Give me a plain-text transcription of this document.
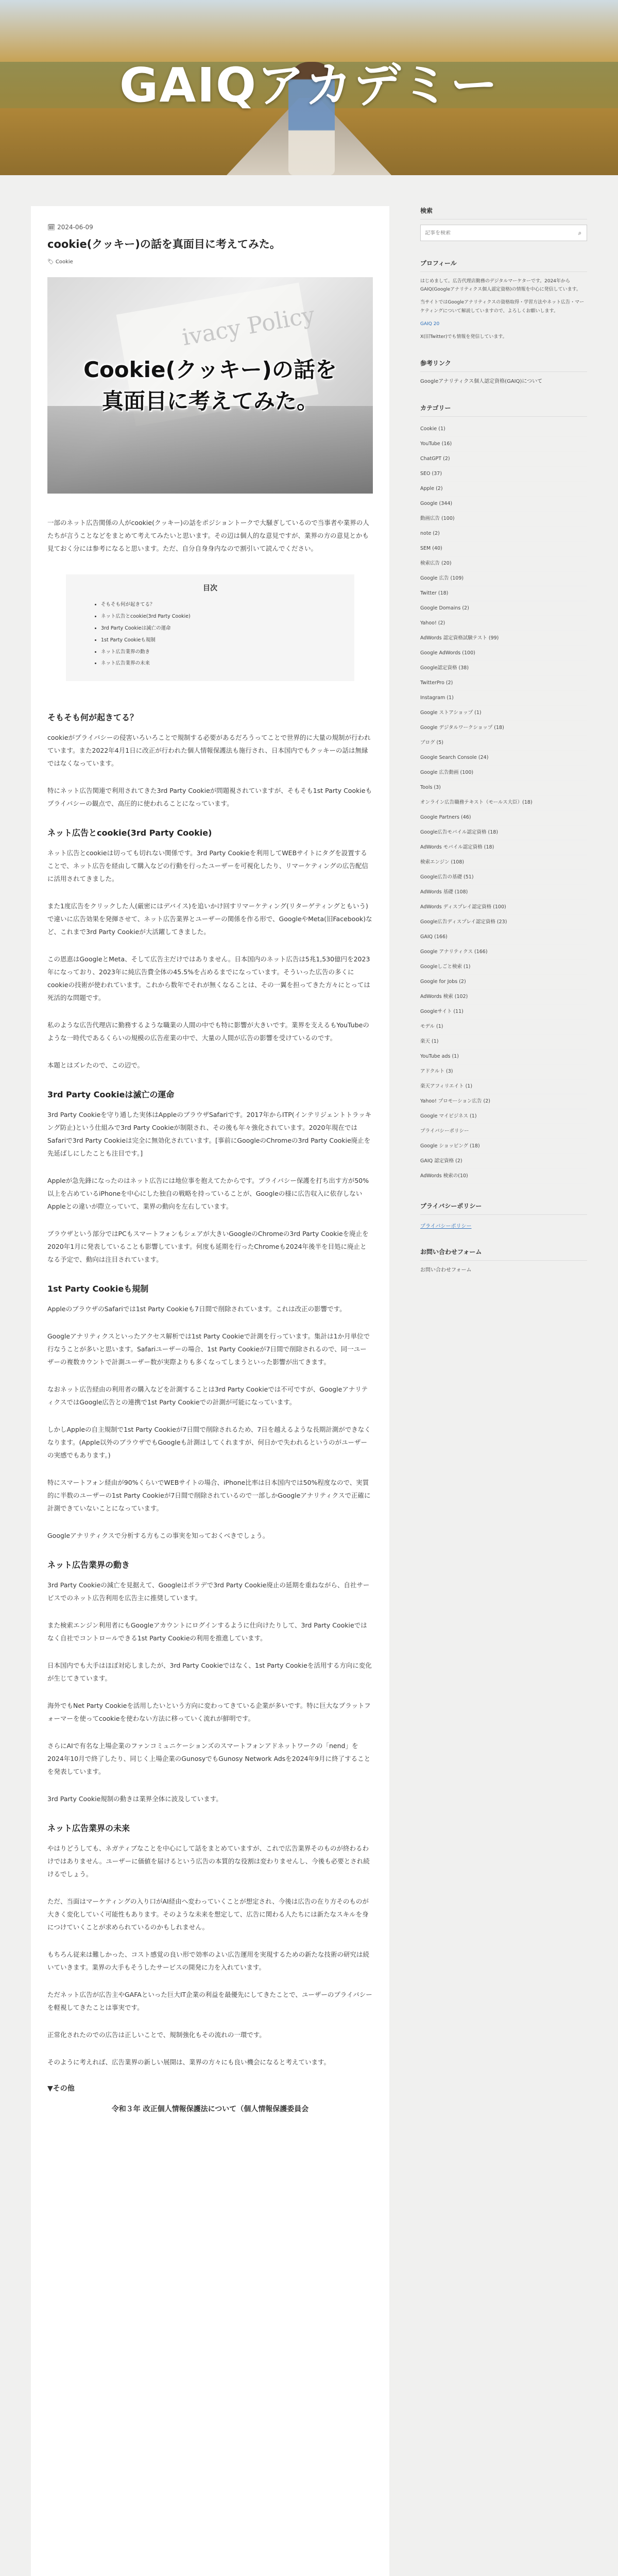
GAIQアカデミー
🗓 2024-06-09
cookie(クッキー)の話を真面目に考えてみた。
🏷 Cookie
ivacy Policy
Cookie(クッキー)の話を
真面目に考えてみた。

一部のネット広告関係の人がcookie(クッキー)の話をポジショントークで大騒ぎしているので当事者や業界の人たちが言うことなどをまとめて考えてみたいと思います。その辺は個人的な意見ですが、業界の方の意見とかも見ておく分には参考になると思います。ただ、自分自身身内なので割引いて読んでください。

目次
• そもそも何が起きてる？
• ネット広告とcookie(3rd Party Cookie)
• 3rd Party Cookieは減亡の運命
• 1st Party Cookieも規制
• ネット広告業界の動き
• ネット広告業界の未来
そもそも何が起きてる？

cookieがプライバシーの侵害いろいろことで規制する必要があるだろうってことで世界的に大量の規制が行われています。また2022年4月1日に改正が行われた個人情報保護法も施行され、日本国内でもクッキーの話は無縁ではなくなっています。

特にネット広告関連で利用されてきた3rd Party Cookieが問題視されていますが、そもそも1st Party Cookieもプライバシーの観点で、高圧的に使われることになっています。

ネット広告とcookie(3rd Party Cookie)

ネット広告とcookieは切っても切れない関係です。3rd Party Cookieを利用してWEBサイトにタグを設置することで、ネット広告を経由して購入などの行動を行ったユーザーを可視化したり、リマーケティングの広告配信に活用されてきました。

また1度広告をクリックした人(厳密にはデバイス)を追いかけ回すリマーケティング(リターゲティングともいう)で違いに広告効果を発揮させて、ネット広告業界とユーザーの関係を作る形で、GoogleやMeta(旧Facebook)など、これまで3rd Party Cookieが大活躍してきました。

この恩恵はGoogleとMeta、そして広告主だけではありません。日本国内のネット広告は5兆1,530億円を2023年になっており、2023年に純広告費全体の45.5%を占めるまでになっています。そういった広告の多くにcookieの技術が使われています。これから数年でそれが無くなることは、その一翼を担ってきた方々にとっては死活的な問題です。

私のような広告代理店に勤務するような職業の人間の中でも特に影響が大きいです。業界を支えるもYouTubeのような一時代であるくらいの規模の広告産業の中で、大量の人間が広告の影響を受けているのです。

本題とはズレたので、この辺で。

3rd Party Cookieは滅亡の運命

3rd Party Cookieを守り通した実体はAppleのブラウザSafariです。2017年からITP(インテリジェントトラッキング防止)という仕組みで3rd Party Cookieが制限され、その後も年々強化されています。2020年現在ではSafariで3rd Party Cookieは完全に無効化されています。[事前にGoogleのChromeの3rd Party Cookie廃止を先延ばしにしたことも注目です。]

Appleが急先鋒になったのはネット広告には地位事を抱えてたからです。プライバシー保護を打ち出す方が50%以上を占めているiPhoneを中心にした独自の戦略を持っていることが、Googleの様に広告収入に依存しないAppleとの違いが際立っていて、業界の動向を左右しています。

ブラウザという部分ではPCもスマートフォンもシェアが大きいGoogleのChromeの3rd Party Cookieを廃止を2020年1月に発表していることも影響しています。何度も延期を行ったChromeも2024年後半を目処に廃止となる予定で、動向は注目されています。

1st Party Cookieも規制

AppleのブラウザのSafariでは1st Party Cookieも7日間で削除されています。これは改正の影響です。

Googleアナリティクスといったアクセス解析では1st Party Cookieで計測を行っています。集計は1か月単位で行なうことが多いと思います。Safariユーザーの場合、1st Party Cookieが7日間で削除されるので、同一ユーザーの複数カウントで計測ユーザー数が実際よりも多くなってしまうといった影響が出てきます。

なおネット広告経由の利用者の購入などを計測することは3rd Party Cookieでは不可ですが、GoogleアナリティクスではGoogle広告との連携で1st Party Cookieでの計測が可能になっています。

しかしAppleの自主規制で1st Party Cookieが7日間で削除されるため、7日を越えるような長期計測ができなくなります。(Apple以外のブラウザでもGoogleも計測はしてくれますが、何日かで失われるというのがユーザーの実感でもあります。)

特にスマートフォン経由が90%くらいでWEBサイトの場合、iPhone比率は日本国内では50%程度なので、実質的に半数のユーザーの1st Party Cookieが7日間で削除されているので一部しかGoogleアナリティクスで正確に計測できていないことになっています。

Googleアナリティクスで分析する方もこの事実を知っておくべきでしょう。

ネット広告業界の動き

3rd Party Cookieの減亡を見据えて、Googleはポラデで3rd Party Cookie廃止の延期を重ねながら、自社サービスでのネット広告利用を広告主に推奨しています。

また検索エンジン利用者にもGoogleアカウントにログインするように仕向けたりして、3rd Party Cookieではなく自社でコントロールできる1st Party Cookieの利用を推進しています。

日本国内でも大手はほぼ対応しましたが、3rd Party Cookieではなく、1st Party Cookieを活用する方向に変化が生じてきています。

海外でもNet Party Cookieを活用したいという方向に変わってきている企業が多いです。特に巨大なプラットフォーマーを使ってcookieを使わない方法に移っていく流れが鮮明です。

さらにAIで有名な上場企業のファンコミュニケーションズのスマートフォンアドネットワークの「nend」を2024年10月で終了したり、同じく上場企業のGunosyでもGunosy Network Adsを2024年9月に終了することを発表しています。

3rd Party Cookie規制の動きは業界全体に波及しています。

ネット広告業界の未来

やはりどうしても、ネガティブなことを中心にして話をまとめていますが、これで広告業界そのものが終わるわけではありません。ユーザーに価値を届けるという広告の本質的な役割は変わりませんし、今後も必要とされ続けるでしょう。

ただ、当面はマーケティングの入り口がAI経由へ変わっていくことが想定され、今後は広告の在り方そのものが大きく変化していく可能性もあります。そのような未来を想定して、広告に関わる人たちには新たなスキルを身につけていくことが求められているのかもしれません。

もちろん従来は難しかった、コスト感覚の良い形で効率のよい広告運用を実現するための新たな技術の研究は続いていきます。業界の大手もそうしたサービスの開発に力を入れています。

ただネット広告が広告主やGAFAといった巨大IT企業の利益を最優先にしてきたことで、ユーザーのプライバシーを軽視してきたことは事実です。

正常化されたのでの広告は正しいことで、規制強化もその流れの一環です。

そのように考えれば、広告業界の新しい展開は、業界の方々にも良い機会になると考えています。

▼その他
令和３年 改正個人情報保護法について（個人情報保護委員会
検索
記事を検索
⌕
プロフィール

はじめまして。広告代理店勤務のデジタルマーケターです。2024年から GAIQ(Googleアナリティクス個人認定資格)の情報を中心に発信しています。

当サイトではGoogleアナリティクスの資格取得・学習方法やネット広告・マーケティングについて解説していますので、よろしくお願いします。

GAIQ 20

X(旧Twitter)でも情報を発信しています。

参考リンク
Googleアナリティクス個人認定資格(GAIQ)について
カテゴリー
Cookie (1)
YouTube (16)
ChatGPT (2)
SEO (37)
Apple (2)
Google (344)
動画広告 (100)
note (2)
SEM (40)
検索広告 (20)
Google 広告 (109)
Twitter (18)
Google Domains (2)
Yahoo! (2)
AdWords 認定資格試験テスト (99)
Google AdWords (100)
Google認定資格 (38)
TwitterPro (2)
Instagram (1)
Google ストアショップ (1)
Google デジタルワークショップ (18)
ブログ (5)
Google Search Console (24)
Google 広告動画 (100)
Tools (3)
オンライン広告職務テキスト（モールス大臣）(18)
Google Partners (46)
Google広告モバイル認定資格 (18)
AdWords モバイル認定資格 (18)
検索エンジン (108)
Google広告の基礎 (51)
AdWords 基礎 (108)
AdWords ディスプレイ認定資格 (100)
Google広告ディスプレイ認定資格 (23)
GAIQ (166)
Google アナリティクス (166)
Googleしごと検索 (1)
Google for Jobs (2)
AdWords 検索 (102)
Googleサイト (11)
モデル (1)
楽天 (1)
YouTube ads (1)
アドクルト (3)
楽天アフィリエイト (1)
Yahoo! プロモーション広告 (2)
Google マイビジネス (1)
プライバシーポリシー
Google ショッピング (18)
GAIQ 認定資格 (2)
AdWords 検索の(10)
プライバシーポリシー
プライバシーポリシー
お問い合わせフォーム
お問い合わせフォーム
